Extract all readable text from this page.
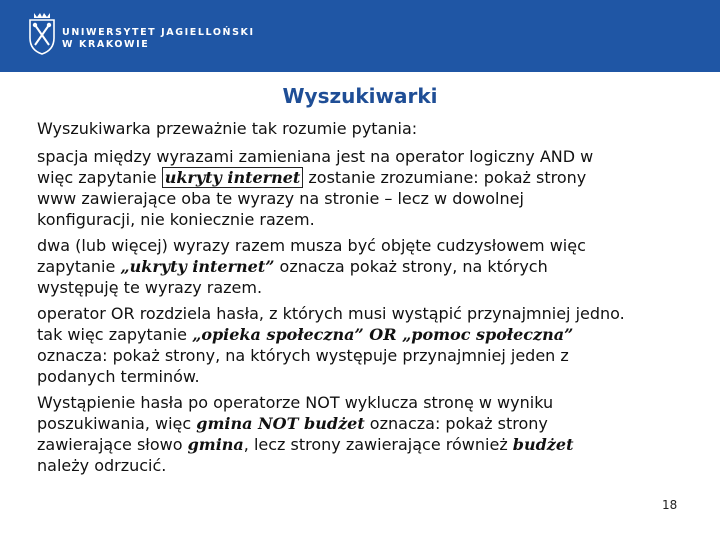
UNIWERSYTET JAGIELLOŃSKI
W KRAKOWIE
Wyszukiwarki

Wyszukiwarka przeważnie tak rozumie pytania:

spacja między wyrazami zamieniana jest na operator logiczny AND w
więc zapytanie ukryty internet zostanie zrozumiane: pokaż strony
www zawierające oba te wyrazy na stronie – lecz w dowolnej
konfiguracji, nie koniecznie razem.

dwa (lub więcej) wyrazy razem musza być objęte cudzysłowem więc
zapytanie „ukryty internet” oznacza pokaż strony, na których
występuję te wyrazy razem.

operator OR rozdziela hasła, z których musi wystąpić przynajmniej jedno.
tak więc zapytanie „opieka społeczna” OR „pomoc społeczna”
oznacza: pokaż strony, na których występuje przynajmniej jeden z
podanych terminów.

Wystąpienie hasła po operatorze NOT wyklucza stronę w wyniku
poszukiwania, więc gmina NOT budżet oznacza: pokaż strony
zawierające słowo gmina, lecz strony zawierające również budżet
należy odrzucić.

18
